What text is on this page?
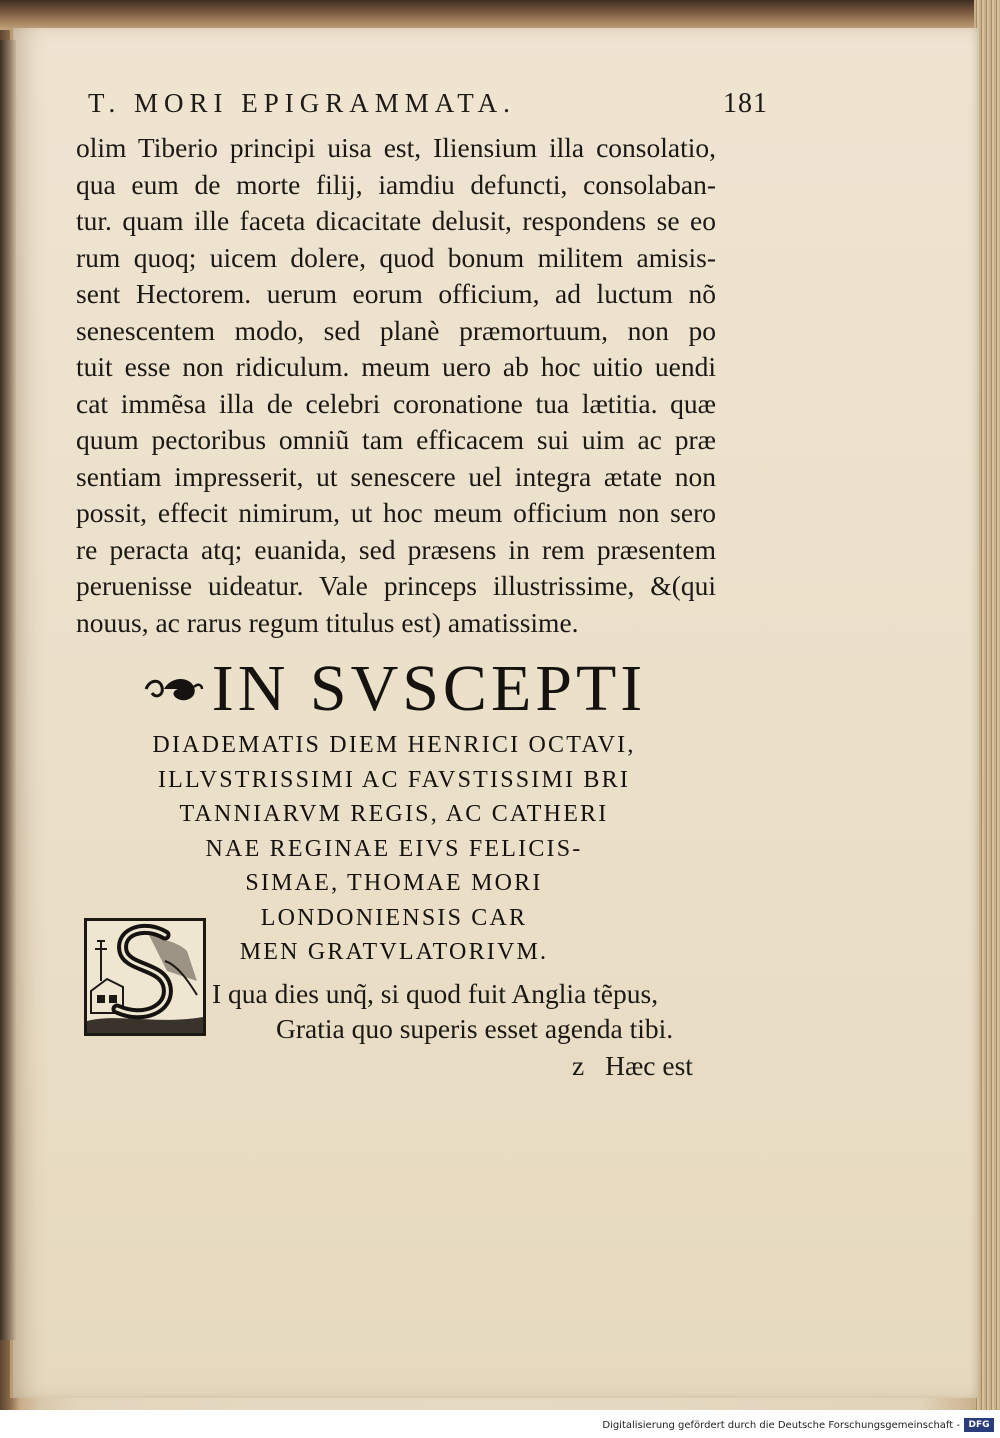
T. MORI EPIGRAMMATA.	181
olim Tiberio principi uisa est, Iliensium illa consolatio,
qua eum de morte filij, iamdiu defuncti, consolaban-
tur. quam ille faceta dicacitate delusit, respondens se eo
rum quoq; uicem dolere, quod bonum militem amisis-
sent Hectorem. uerum eorum officium, ad luctum nõ
senescentem modo, sed planè præmortuum, non po
tuit esse non ridiculum. meum uero ab hoc uitio uendi
cat immẽsa illa de celebri coronatione tua lætitia. quæ
quum pectoribus omniũ tam efficacem sui uim ac præ
sentiam impresserit, ut senescere uel integra ætate non
possit, effecit nimirum, ut hoc meum officium non sero
re peracta atq; euanida, sed præsens in rem præsentem
peruenisse uideatur. Vale princeps illustrissime, &(qui
nouus, ac rarus regum titulus est) amatissime.
IN SVSCEPTI
DIADEMATIS DIEM HENRICI OCTAVI,
ILLVSTRISSIMI AC FAVSTISSIMI BRI
TANNIARVM REGIS, AC CATHERI
NAE REGINAE EIVS FELICIS-
SIMAE, THOMAE MORI
LONDONIENSIS CAR
MEN GRATVLATORIVM.
I qua dies unq̃, si quod fuit Anglia tẽpus,
Gratia quo superis esset agenda tibi.
z Hæc est
Digitalisierung gefördert durch die Deutsche Forschungsgemeinschaft - DFG
